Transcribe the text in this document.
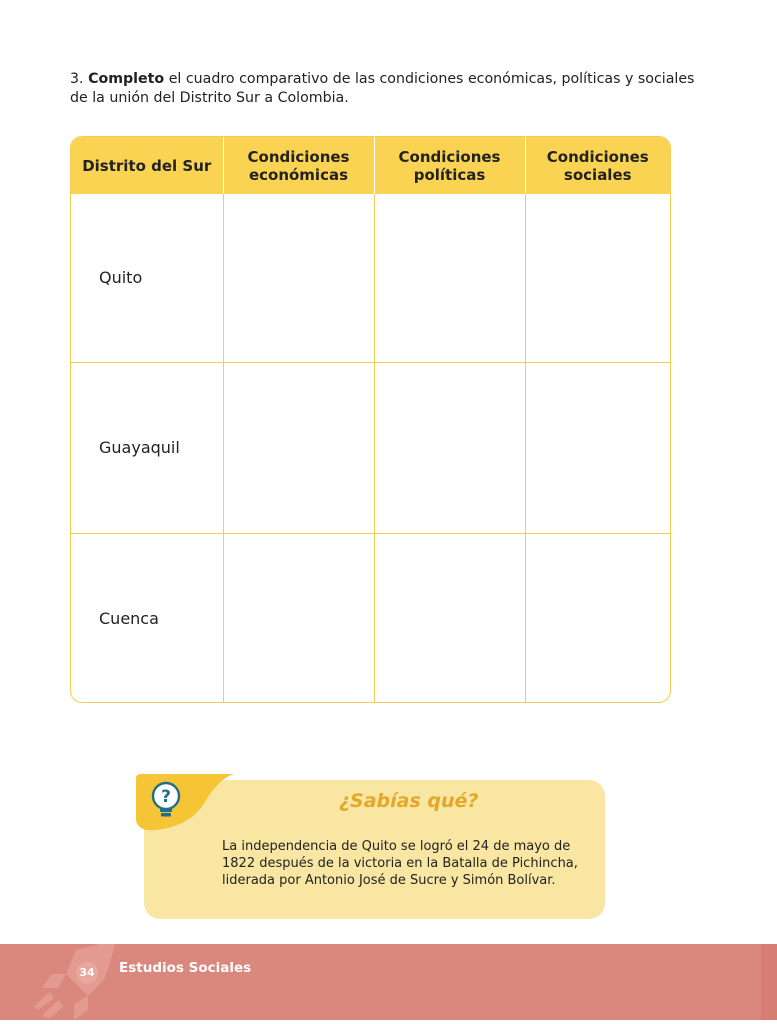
3. Completo el cuadro comparativo de las condiciones económicas, políticas y sociales de la unión del Distrito Sur a Colombia.
Distrito del Sur	Condiciones económicas	Condiciones políticas	Condiciones sociales
Quito			
Guayaquil			
Cuenca			
?	¿Sabías qué?
La independencia de Quito se logró el 24 de mayo de 1822 después de la victoria en la Batalla de Pichincha, liderada por Antonio José de Sucre y Simón Bolívar.
34 Estudios Sociales
